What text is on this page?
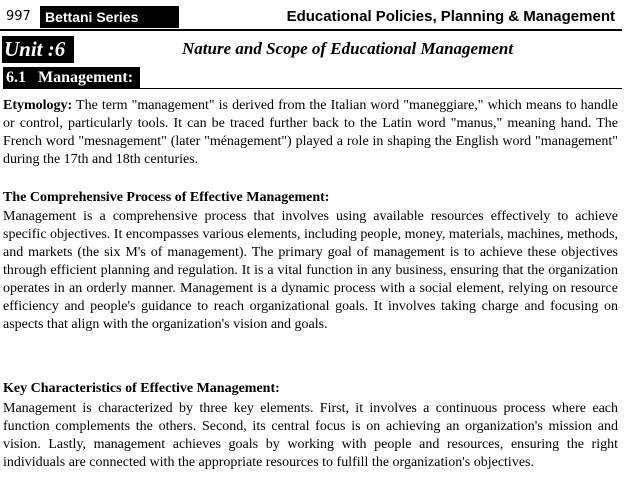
997	Bettani Series	Educational Policies, Planning & Management
Unit :6	Nature and Scope of Educational Management
6.1 Management:

Etymology: The term "management" is derived from the Italian word "maneggiare," which means to handle or control, particularly tools. It can be traced further back to the Latin word "manus," meaning hand. The French word "mesnagement" (later "ménagement") played a role in shaping the English word "management" during the 17th and 18th centuries.

The Comprehensive Process of Effective Management:

Management is a comprehensive process that involves using available resources effectively to achieve specific objectives. It encompasses various elements, including people, money, materials, machines, methods, and markets (the six M's of management). The primary goal of management is to achieve these objectives through efficient planning and regulation. It is a vital function in any business, ensuring that the organization operates in an orderly manner. Management is a dynamic process with a social element, relying on resource efficiency and people's guidance to reach organizational goals. It involves taking charge and focusing on aspects that align with the organization's vision and goals.

Key Characteristics of Effective Management:

Management is characterized by three key elements. First, it involves a continuous process where each function complements the others. Second, its central focus is on achieving an organization's mission and vision. Lastly, management achieves goals by working with people and resources, ensuring the right individuals are connected with the appropriate resources to fulfill the organization's objectives.
